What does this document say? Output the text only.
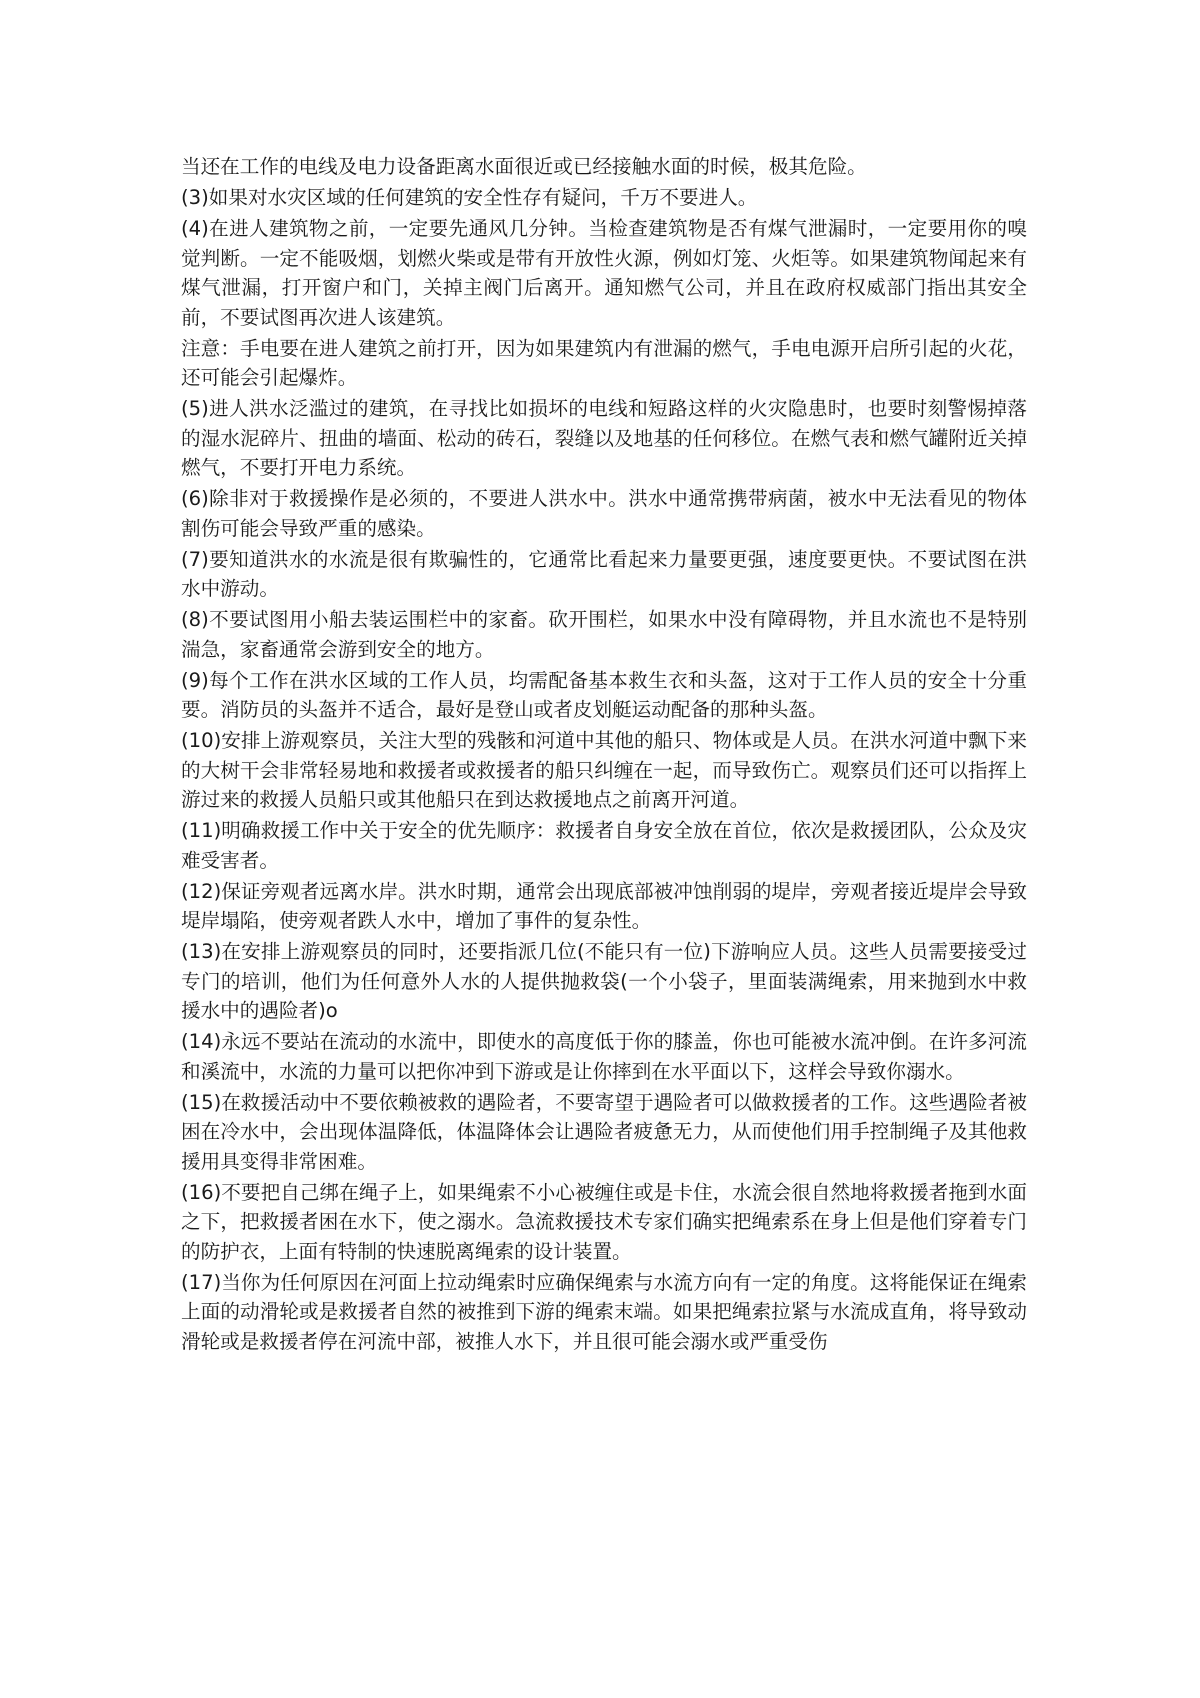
当还在工作的电线及电力设备距离水面很近或已经接触水面的时候，极其危险。

(3)如果对水灾区域的任何建筑的安全性存有疑问，千万不要进人。

(4)在进人建筑物之前，一定要先通风几分钟。当检查建筑物是否有煤气泄漏时，一定要用你的嗅觉判断。一定不能吸烟，划燃火柴或是带有开放性火源，例如灯笼、火炬等。如果建筑物闻起来有煤气泄漏，打开窗户和门，关掉主阀门后离开。通知燃气公司，并且在政府权威部门指出其安全前，不要试图再次进人该建筑。

注意：手电要在进人建筑之前打开，因为如果建筑内有泄漏的燃气，手电电源开启所引起的火花，还可能会引起爆炸。

(5)进人洪水泛滥过的建筑，在寻找比如损坏的电线和短路这样的火灾隐患时，也要时刻警惕掉落的湿水泥碎片、扭曲的墙面、松动的砖石，裂缝以及地基的任何移位。在燃气表和燃气罐附近关掉燃气，不要打开电力系统。

(6)除非对于救援操作是必须的，不要进人洪水中。洪水中通常携带病菌，被水中无法看见的物体割伤可能会导致严重的感染。

(7)要知道洪水的水流是很有欺骗性的，它通常比看起来力量要更强，速度要更快。不要试图在洪水中游动。

(8)不要试图用小船去装运围栏中的家畜。砍开围栏，如果水中没有障碍物，并且水流也不是特别湍急，家畜通常会游到安全的地方。

(9)每个工作在洪水区域的工作人员，均需配备基本救生衣和头盔，这对于工作人员的安全十分重要。消防员的头盔并不适合，最好是登山或者皮划艇运动配备的那种头盔。

(10)安排上游观察员，关注大型的残骸和河道中其他的船只、物体或是人员。在洪水河道中飘下来的大树干会非常轻易地和救援者或救援者的船只纠缠在一起，而导致伤亡。观察员们还可以指挥上游过来的救援人员船只或其他船只在到达救援地点之前离开河道。

(11)明确救援工作中关于安全的优先顺序：救援者自身安全放在首位，依次是救援团队，公众及灾难受害者。

(12)保证旁观者远离水岸。洪水时期，通常会出现底部被冲蚀削弱的堤岸，旁观者接近堤岸会导致堤岸塌陷，使旁观者跌人水中，增加了事件的复杂性。

(13)在安排上游观察员的同时，还要指派几位(不能只有一位)下游响应人员。这些人员需要接受过专门的培训，他们为任何意外人水的人提供抛救袋(一个小袋子，里面装满绳索，用来抛到水中救援水中的遇险者)o

(14)永远不要站在流动的水流中，即使水的高度低于你的膝盖，你也可能被水流冲倒。在许多河流和溪流中，水流的力量可以把你冲到下游或是让你摔到在水平面以下，这样会导致你溺水。

(15)在救援活动中不要依赖被救的遇险者，不要寄望于遇险者可以做救援者的工作。这些遇险者被困在冷水中，会出现体温降低，体温降体会让遇险者疲惫无力，从而使他们用手控制绳子及其他救援用具变得非常困难。

(16)不要把自己绑在绳子上，如果绳索不小心被缠住或是卡住，水流会很自然地将救援者拖到水面之下，把救援者困在水下，使之溺水。急流救援技术专家们确实把绳索系在身上但是他们穿着专门的防护衣，上面有特制的快速脱离绳索的设计装置。

(17)当你为任何原因在河面上拉动绳索时应确保绳索与水流方向有一定的角度。这将能保证在绳索上面的动滑轮或是救援者自然的被推到下游的绳索末端。如果把绳索拉紧与水流成直角，将导致动滑轮或是救援者停在河流中部，被推人水下，并且很可能会溺水或严重受伤
